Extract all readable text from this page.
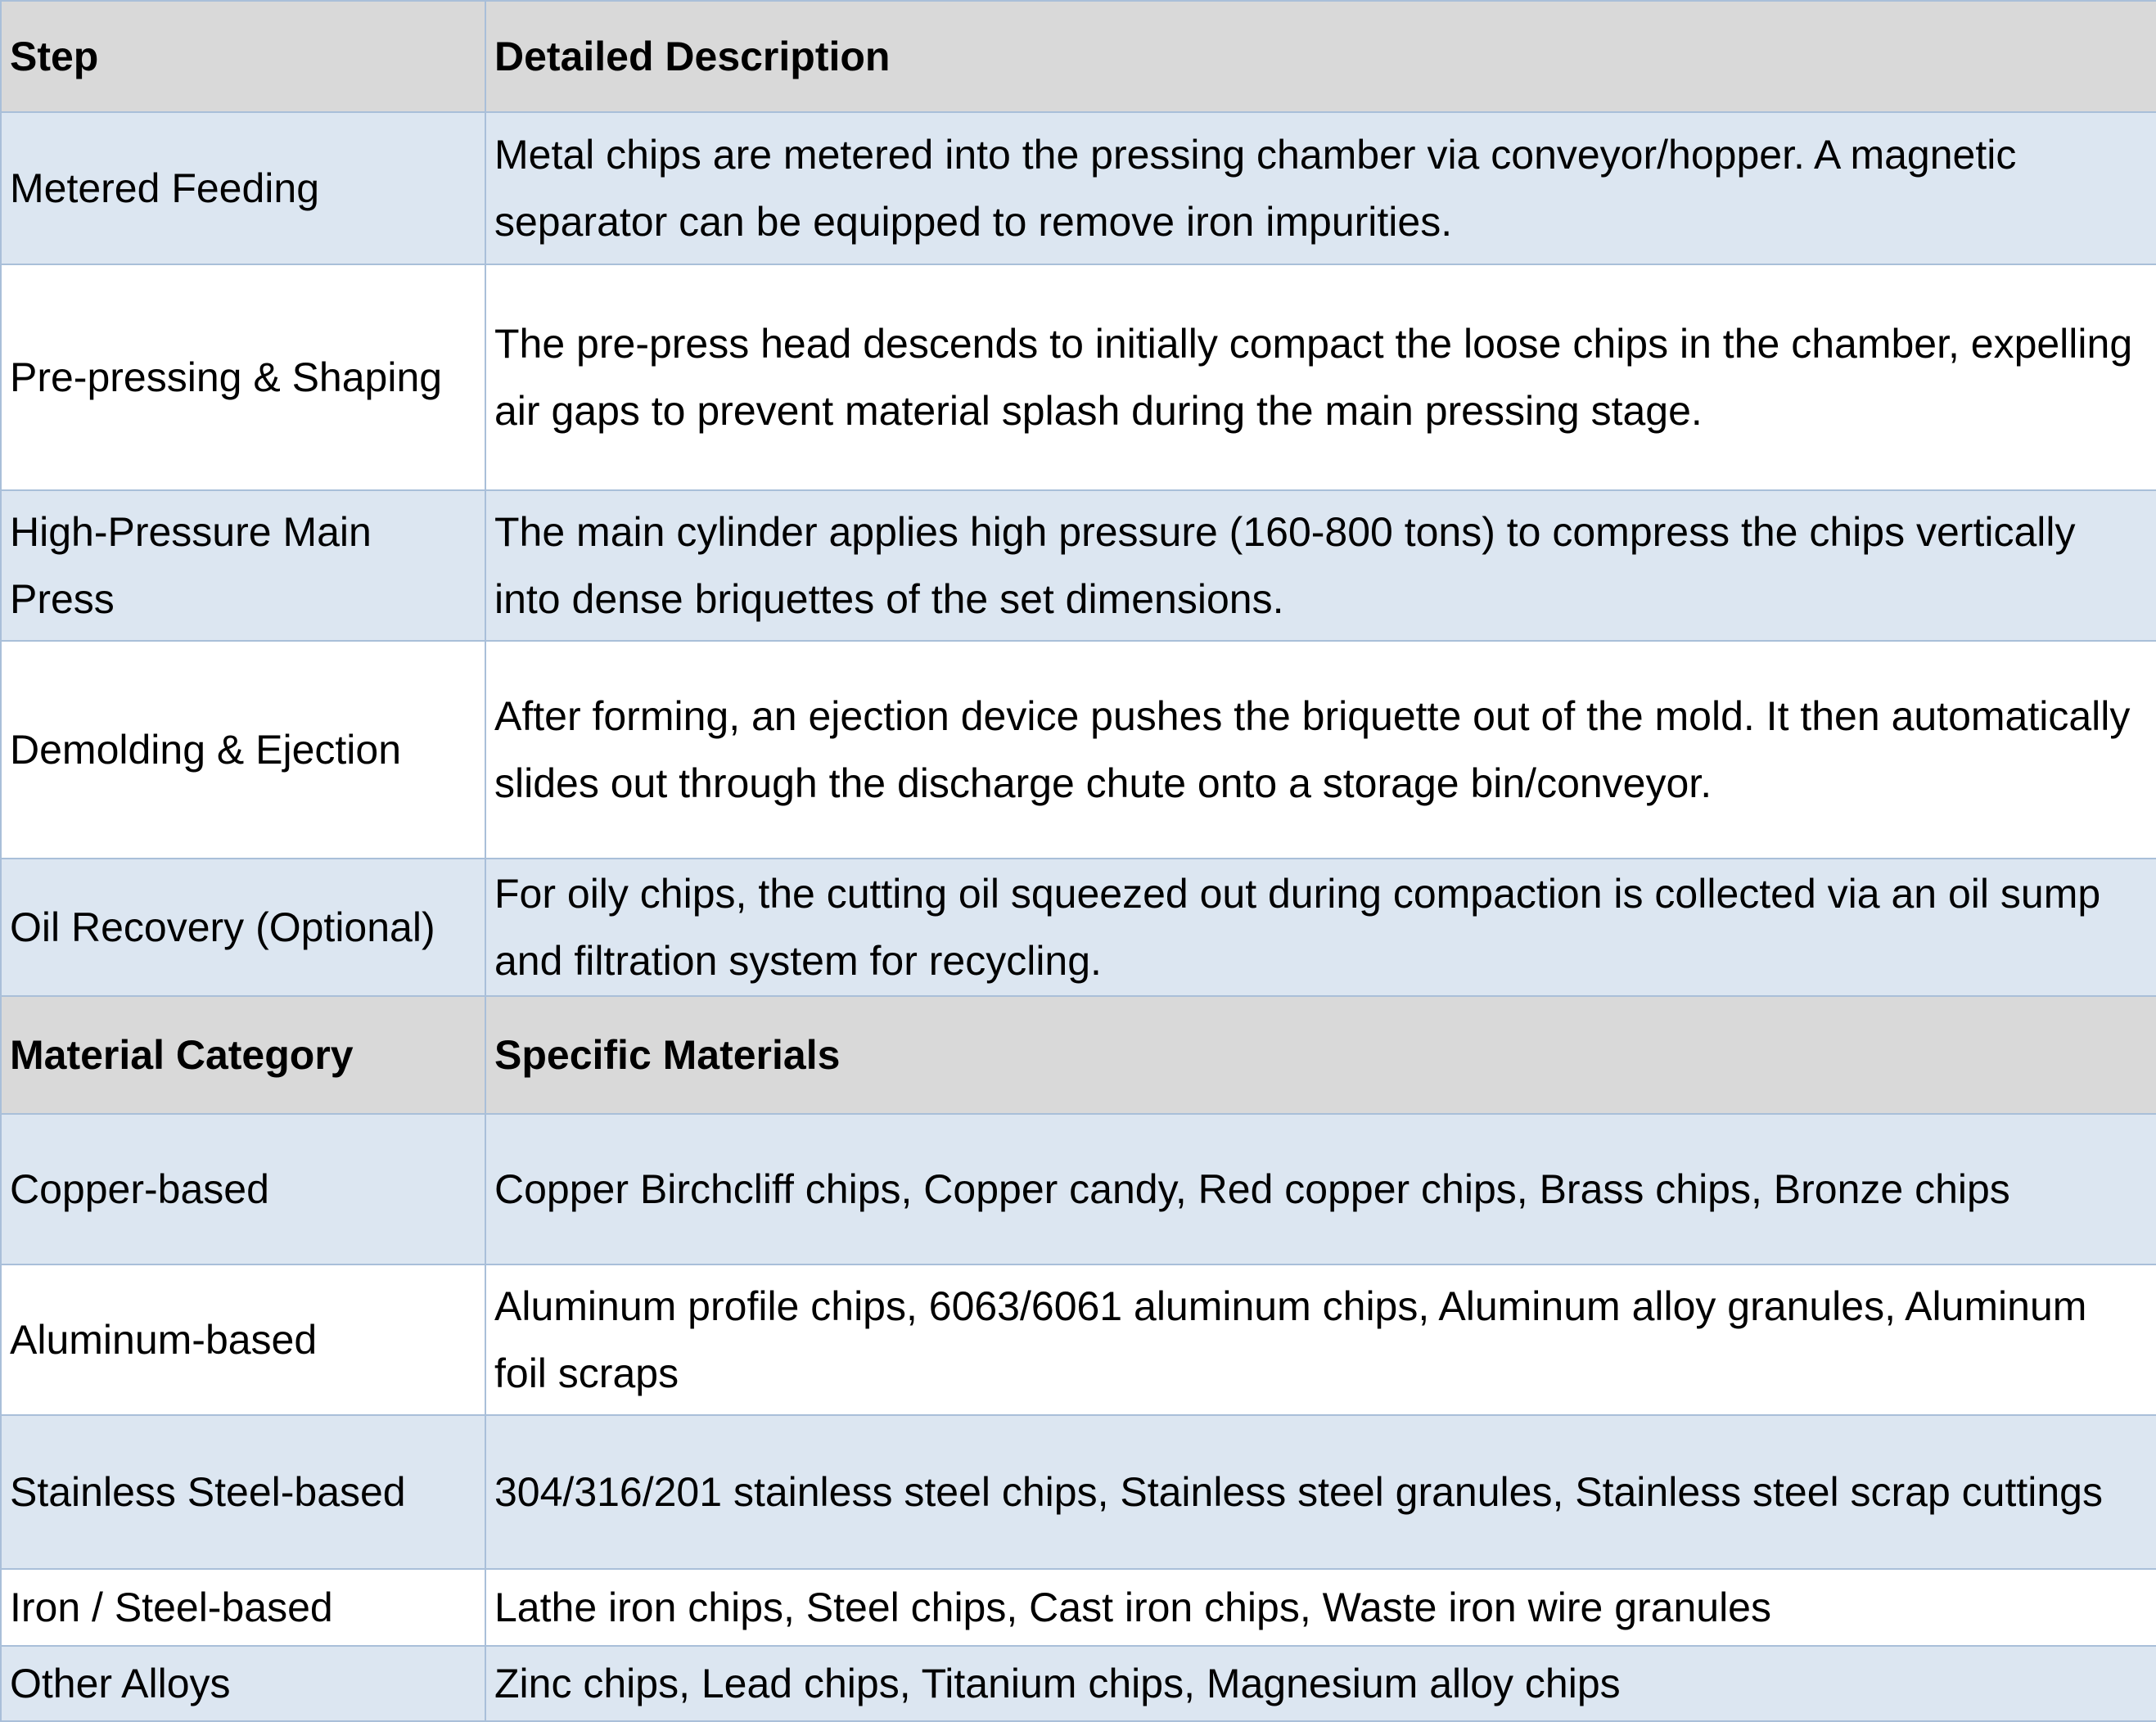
Step	Detailed Description
Metered Feeding	Metal chips are metered into the pressing chamber via conveyor/hopper. A magnetic separator can be equipped to remove iron impurities.
Pre-pressing & Shaping	The pre-press head descends to initially compact the loose chips in the chamber, expelling air gaps to prevent material splash during the main pressing stage.
High-Pressure Main Press	The main cylinder applies high pressure (160-800 tons) to compress the chips vertically into dense briquettes of the set dimensions.
Demolding & Ejection	After forming, an ejection device pushes the briquette out of the mold. It then automatically slides out through the discharge chute onto a storage bin/conveyor.
Oil Recovery (Optional)	For oily chips, the cutting oil squeezed out during compaction is collected via an oil sump and filtration system for recycling.
Material Category	Specific Materials
Copper-based	Copper Birchcliff chips, Copper candy, Red copper chips, Brass chips, Bronze chips
Aluminum-based	Aluminum profile chips, 6063/6061 aluminum chips, Aluminum alloy granules, Aluminum foil scraps
Stainless Steel-based	304/316/201 stainless steel chips, Stainless steel granules, Stainless steel scrap cuttings
Iron / Steel-based	Lathe iron chips, Steel chips, Cast iron chips, Waste iron wire granules
Other Alloys	Zinc chips, Lead chips, Titanium chips, Magnesium alloy chips
